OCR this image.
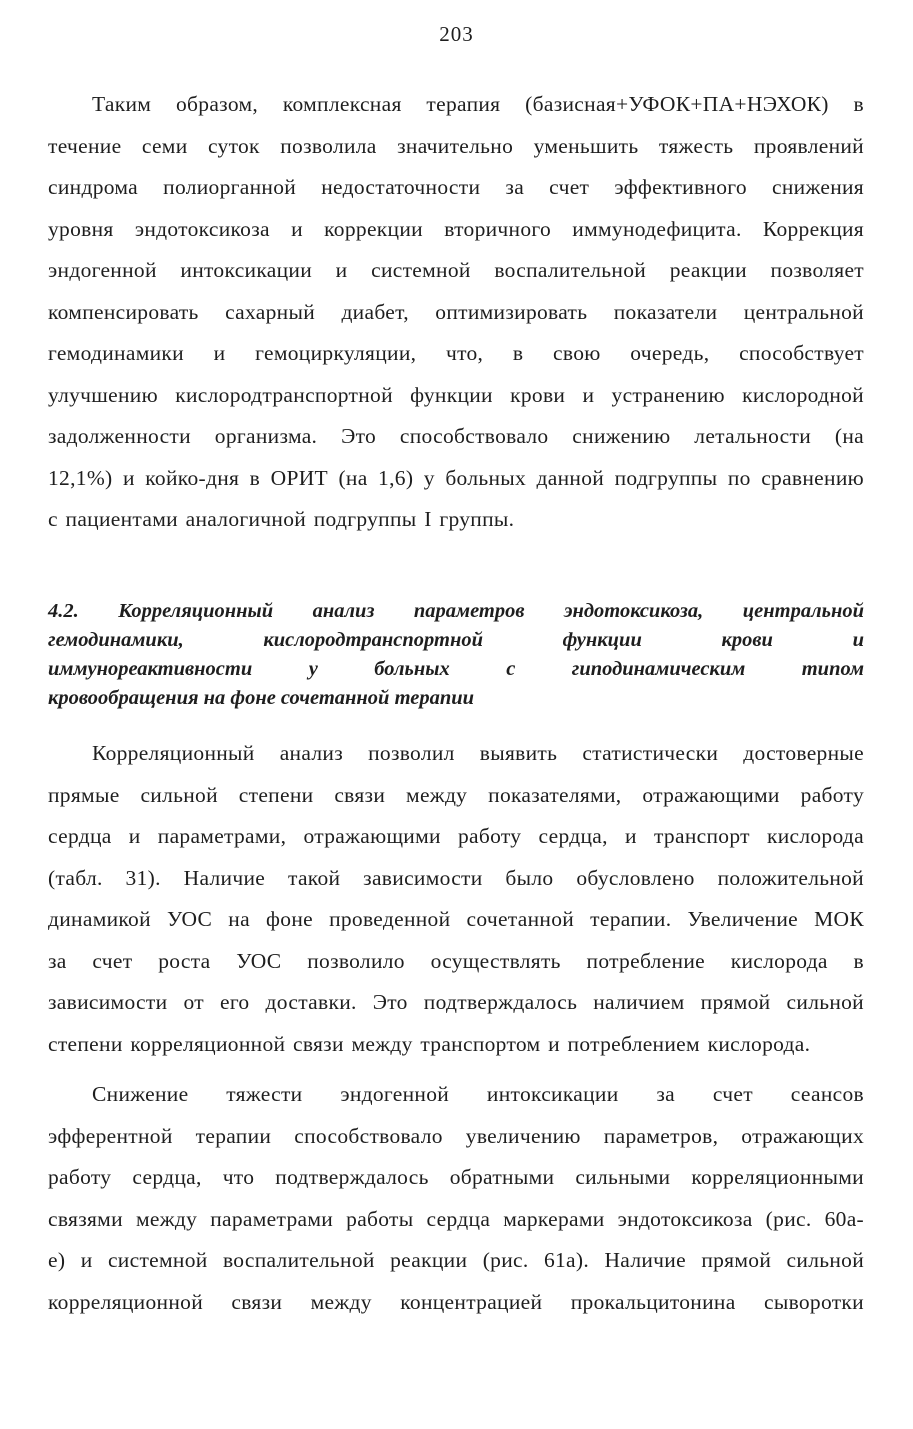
203
Таким образом, комплексная терапия (базисная+УФОК+ПА+НЭХОК) в
течение семи суток позволила значительно уменьшить тяжесть проявлений
синдрома полиорганной недостаточности за счет эффективного снижения
уровня эндотоксикоза и коррекции вторичного иммунодефицита. Коррекция
эндогенной интоксикации и системной воспалительной реакции позволяет
компенсировать сахарный диабет, оптимизировать показатели центральной
гемодинамики и гемоциркуляции, что, в свою очередь, способствует
улучшению кислородтранспортной функции крови и устранению кислородной
задолженности организма. Это способствовало снижению летальности (на
12,1%) и койко-дня в ОРИТ (на 1,6) у больных данной подгруппы по сравнению
с пациентами аналогичной подгруппы I группы.
4.2. Корреляционный анализ параметров эндотоксикоза, центральной
гемодинамики, кислородтранспортной функции крови и
иммунореактивности у больных с гиподинамическим типом
кровообращения на фоне сочетанной терапии
Корреляционный анализ позволил выявить статистически достоверные
прямые сильной степени связи между показателями, отражающими работу
сердца и параметрами, отражающими работу сердца, и транспорт кислорода
(табл. 31). Наличие такой зависимости было обусловлено положительной
динамикой УОС на фоне проведенной сочетанной терапии. Увеличение МОК
за счет роста УОС позволило осуществлять потребление кислорода в
зависимости от его доставки. Это подтверждалось наличием прямой сильной
степени корреляционной связи между транспортом и потреблением кислорода.
Снижение тяжести эндогенной интоксикации за счет сеансов
эфферентной терапии способствовало увеличению параметров, отражающих
работу сердца, что подтверждалось обратными сильными корреляционными
связями между параметрами работы сердца маркерами эндотоксикоза (рис. 60а-
е) и системной воспалительной реакции (рис. 61а). Наличие прямой сильной
корреляционной связи между концентрацией прокальцитонина сыворотки
